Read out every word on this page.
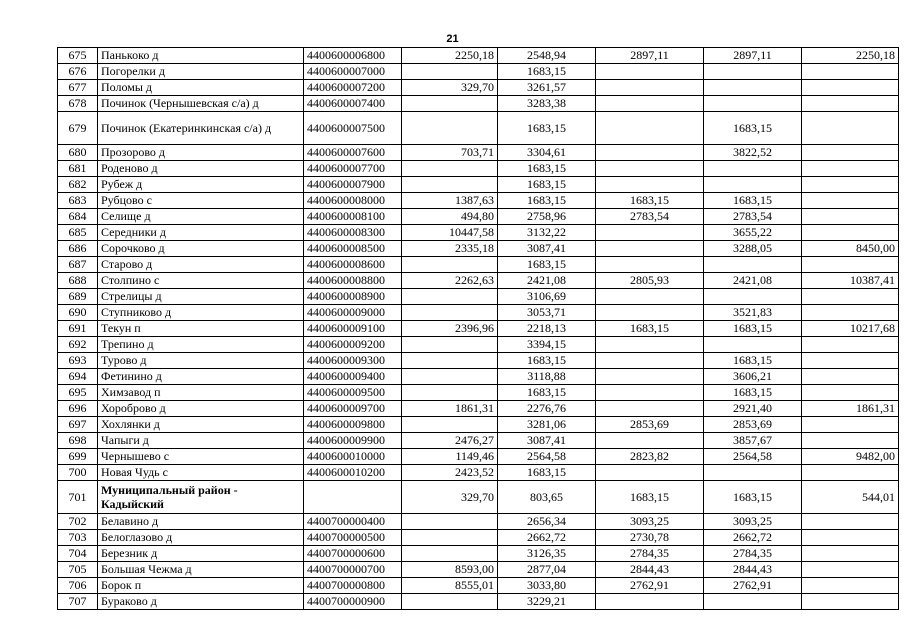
21
675	Панькоко д	4400600006800	2250,18	2548,94	2897,11	2897,11	2250,18
676	Погорелки д	4400600007000		1683,15			
677	Поломы д	4400600007200	329,70	3261,57			
678	Починок (Чернышевская с/а) д	4400600007400		3283,38			
679	Починок (Екатеринкинская с/а) д	4400600007500		1683,15		1683,15	
680	Прозорово д	4400600007600	703,71	3304,61		3822,52	
681	Роденово д	4400600007700		1683,15			
682	Рубеж д	4400600007900		1683,15			
683	Рубцово с	4400600008000	1387,63	1683,15	1683,15	1683,15	
684	Селище д	4400600008100	494,80	2758,96	2783,54	2783,54	
685	Середники д	4400600008300	10447,58	3132,22		3655,22	
686	Сорочково д	4400600008500	2335,18	3087,41		3288,05	8450,00
687	Старово д	4400600008600		1683,15			
688	Столпино с	4400600008800	2262,63	2421,08	2805,93	2421,08	10387,41
689	Стрелицы д	4400600008900		3106,69			
690	Ступниково д	4400600009000		3053,71		3521,83	
691	Текун п	4400600009100	2396,96	2218,13	1683,15	1683,15	10217,68
692	Трепино д	4400600009200		3394,15			
693	Турово д	4400600009300		1683,15		1683,15	
694	Фетинино д	4400600009400		3118,88		3606,21	
695	Химзавод п	4400600009500		1683,15		1683,15	
696	Хороброво д	4400600009700	1861,31	2276,76		2921,40	1861,31
697	Хохлянки д	4400600009800		3281,06	2853,69	2853,69	
698	Чапыги д	4400600009900	2476,27	3087,41		3857,67	
699	Чернышево с	4400600010000	1149,46	2564,58	2823,82	2564,58	9482,00
700	Новая Чудь с	4400600010200	2423,52	1683,15			
701	Муниципальный район - Кадыйский		329,70	803,65	1683,15	1683,15	544,01
702	Белавино д	4400700000400		2656,34	3093,25	3093,25	
703	Белоглазово д	4400700000500		2662,72	2730,78	2662,72	
704	Березник д	4400700000600		3126,35	2784,35	2784,35	
705	Большая Чежма д	4400700000700	8593,00	2877,04	2844,43	2844,43	
706	Борок п	4400700000800	8555,01	3033,80	2762,91	2762,91	
707	Бураково д	4400700000900		3229,21			
